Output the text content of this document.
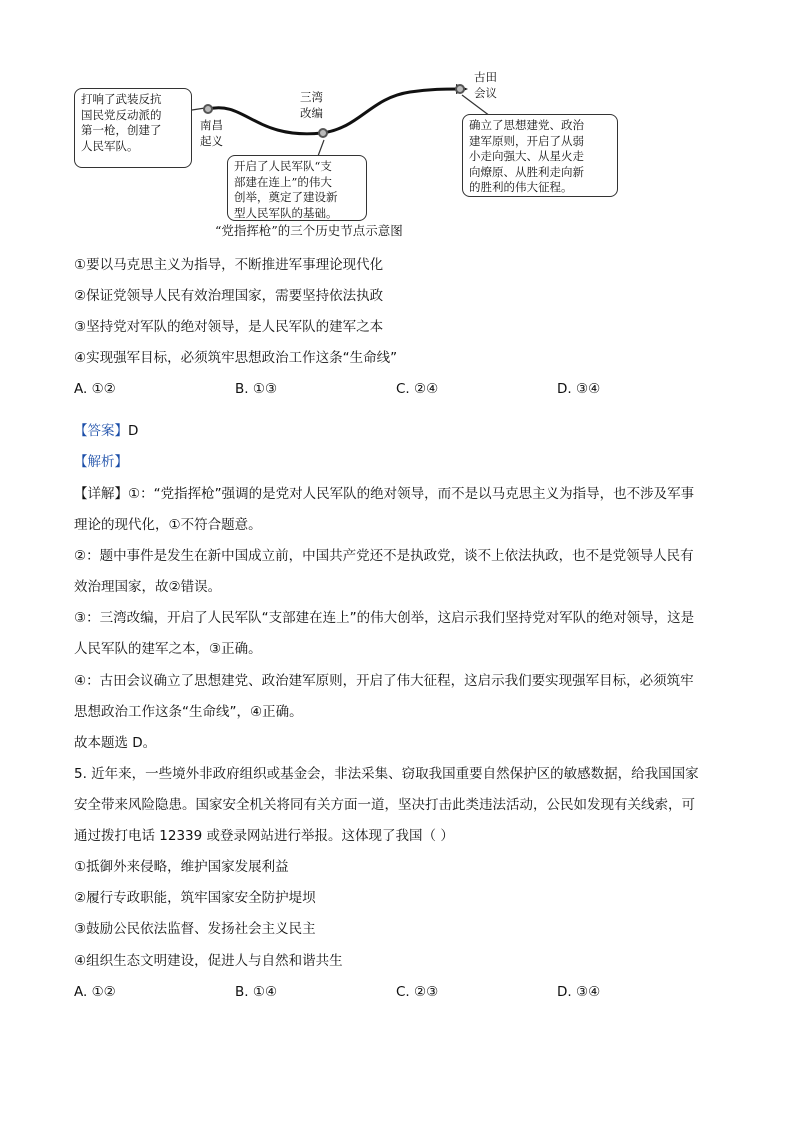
南昌
起义
三湾
改编
古田
会议
打响了武装反抗
国民党反动派的
第一枪，创建了
人民军队。
开启了人民军队“支
部建在连上”的伟大
创举，奠定了建设新
型人民军队的基础。
确立了思想建党、政治
建军原则，开启了从弱
小走向强大、从星火走
向燎原、从胜利走向新
的胜利的伟大征程。
“党指挥枪”的三个历史节点示意图
①要以马克思主义为指导，不断推进军事理论现代化
②保证党领导人民有效治理国家，需要坚持依法执政
③坚持党对军队的绝对领导，是人民军队的建军之本
④实现强军目标，必须筑牢思想政治工作这条“生命线”
A. ①②	B. ①③	C. ②④	D. ③④
【答案】D
【解析】
【详解】①：“党指挥枪”强调的是党对人民军队的绝对领导，而不是以马克思主义为指导，也不涉及军事
理论的现代化，①不符合题意。
②：题中事件是发生在新中国成立前，中国共产党还不是执政党，谈不上依法执政，也不是党领导人民有
效治理国家，故②错误。
③：三湾改编，开启了人民军队“支部建在连上”的伟大创举，这启示我们坚持党对军队的绝对领导，这是
人民军队的建军之本，③正确。
④：古田会议确立了思想建党、政治建军原则，开启了伟大征程，这启示我们要实现强军目标，必须筑牢
思想政治工作这条“生命线”，④正确。
故本题选 D。
5. 近年来，一些境外非政府组织或基金会，非法采集、窃取我国重要自然保护区的敏感数据，给我国国家
安全带来风险隐患。国家安全机关将同有关方面一道，坚决打击此类违法活动，公民如发现有关线索，可
通过拨打电话 12339 或登录网站进行举报。这体现了我国（ ）
①抵御外来侵略，维护国家发展利益
②履行专政职能，筑牢国家安全防护堤坝
③鼓励公民依法监督、发扬社会主义民主
④组织生态文明建设，促进人与自然和谐共生
A. ①②	B. ①④	C. ②③	D. ③④
